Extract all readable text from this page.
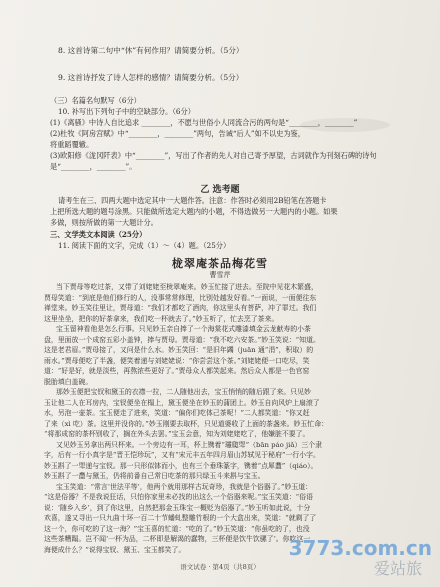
8. 这首诗第二句中“休”有何作用？请简要分析。（5分）
9. 这首诗抒发了诗人怎样的感情？请简要分析。（5分）
（三）名篇名句默写（6分）
10. 补写出下列句子中的空缺部分。（6分）
(1)《离骚》中诗人自比追求 ________，不愿与世俗小人同流合污的两句是“________，________”
(2)杜牧《阿房宫赋》中“________，________”两句，告诫“后人”如不以史为鉴，
将重蹈覆辙。
(3)欧阳修《泷冈阡表》中“________”，写出了作者的先人对自己寄予厚望，古词就作为刊刻石碑的诗句
是“________，________”。
乙 选考题
请考生在三、四两大题中选定其中一大题作答。注意：作答时必须用2B铅笔在答题卡
上把所选大题的题号涂黑。只能做所选定大题内的小题，不得选做另一大题内的小题。如果
多做，则按所做的第一大题计分。
三、文学类文本阅读（25分）
11. 阅读下面的文字，完成（1）～（4）题。（25分）
栊翠庵茶品梅花雪
曹雪芹

当下贾母等吃过茶，又带了刘姥姥至栊翠庵来。妙玉忙接了进去。至院中见花木繁盛，

贾母笑道：“到底是他们修行的人，没事常常修理，比别处越发好看。”一面说，一面便往东

禅堂来。妙玉笑往里让，贾母道：“我们才都吃了酒肉，你这里头有菩萨，冲了罪过。我们

这里坐坐，把你的好茶拿来，我们吃一杯就去了。”妙玉听了，忙去烹了茶来。

宝玉留神看他是怎么行事。只见妙玉亲自捧了一个海棠花式雕漆填金云龙献寿的小茶

盘，里面放一个成窑五彩小盖钟，捧与贾母。贾母道：“我不吃六安茶。”妙玉笑说：“知道。

这是老君眉。”贾母接了，又问是什么水。妙玉笑回：“是旧年蠲（juān 通“涓”，积取）的

雨水。”贾母便吃了半盏，便笑着递与刘姥姥说：“你尝尝这个茶。”刘姥姥便一口吃尽，笑

道：“好是好，就是淡些，再熬浓些更好了。”贾母众人都笑起来。然后众人都是一色官窑

脱胎填白盖碗。

那妙玉便把宝钗和黛玉的衣襟一拉，二人随他出去，宝玉悄悄的随后跟了来。只见妙

玉让他二人在耳房内，宝钗便坐在榻上，黛玉便坐在妙玉的蒲团上。妙玉自向风炉上扇滚了

水，另泡一壶茶。宝玉便走了进来，笑道：“偏你们吃体己茶呢！”二人都笑道：“你又赶

了来（xì 吃）茶。这里并没你的。”妙玉刚要去取杯，只见道婆收了上面的茶盏来。妙玉忙命：

“将那成窑的茶杯别收了，搁在外头去罢。”宝玉会意，知为刘姥姥吃了，他嫌脏不要了。

又见妙玉另拿出两只杯来。一个旁边有一耳，杯上镌着“𤫩瓟斝”（bān páo jiǎ）三个隶

字，后有一行小真字是“晋王恺珍玩”，又有“宋元丰五年四月眉山苏轼见于秘府”一行小字。

妙玉斟了一斝递与宝钗。那一只形似钵而小，也有三个垂珠篆字，镌着“点犀䀉”（qiáo）。

妙玉斟了一䀉与黛玉，仍将前番自己常日吃茶的那只绿玉斗来斟与宝玉。

宝玉笑道：“常言‘世法平等’，他两个就用那样古玩奇珍，我就是个俗器了。”妙玉道：

“这是俗器？不是我说狂话，只怕你家里未必找的出这么一个俗器来呢。”宝玉笑道：“俗语

说：‘随乡入乡’，到了你这里，自然把那金玉珠宝一概贬为俗器了。”妙玉听如此说，十分

欢喜，遂又寻出一只九曲十环一百二十节蟠虬整雕竹根的一个大盒出来，笑道：“就剩了了

这一个，你可吃的了这一海？”宝玉喜的忙道：“吃的了。”妙玉笑道：“你虽吃的了，也没

这些茶糟蹋。岂不闻‘一杯为品，二杯即是解渴的蠢物，三杯便是饮牛饮骡了’。你吃这一

海便成什么？”说得宝钗、黛玉、宝玉都笑了。

语文试卷 · 第4页（共8页）
3773.com.cn
爱站旅
